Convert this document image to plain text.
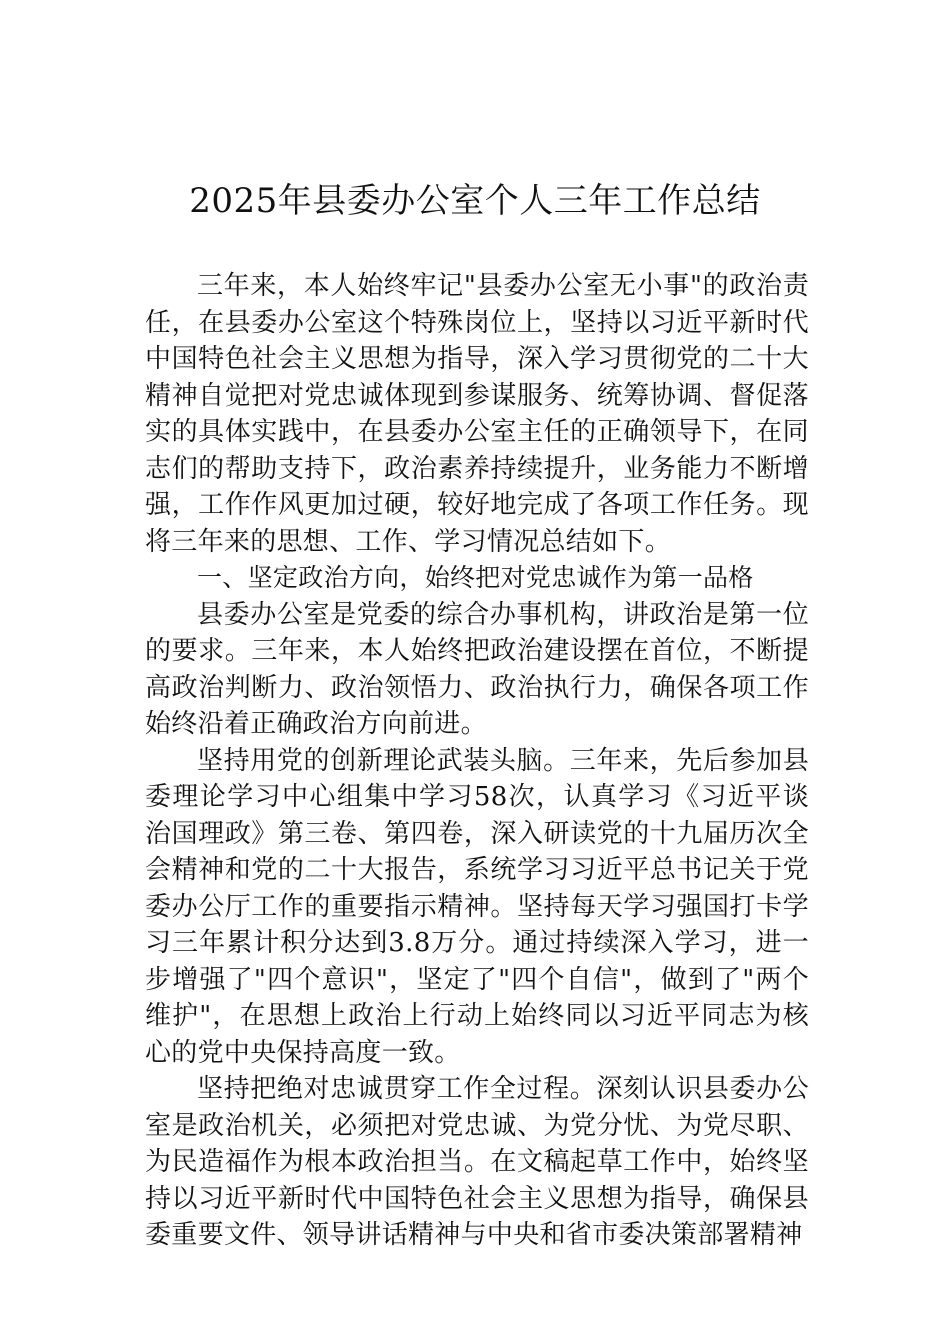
2025年县委办公室个人三年工作总结

三年来，本人始终牢记"县委办公室无小事"的政治责任，在县委办公室这个特殊岗位上，坚持以习近平新时代中国特色社会主义思想为指导，深入学习贯彻党的二十大精神自觉把对党忠诚体现到参谋服务、统筹协调、督促落实的具体实践中，在县委办公室主任的正确领导下，在同志们的帮助支持下，政治素养持续提升，业务能力不断增强，工作作风更加过硬，较好地完成了各项工作任务。现将三年来的思想、工作、学习情况总结如下。

一、坚定政治方向，始终把对党忠诚作为第一品格

县委办公室是党委的综合办事机构，讲政治是第一位的要求。三年来，本人始终把政治建设摆在首位，不断提高政治判断力、政治领悟力、政治执行力，确保各项工作始终沿着正确政治方向前进。

坚持用党的创新理论武装头脑。三年来，先后参加县委理论学习中心组集中学习58次，认真学习《习近平谈治国理政》第三卷、第四卷，深入研读党的十九届历次全会精神和党的二十大报告，系统学习习近平总书记关于党委办公厅工作的重要指示精神。坚持每天学习强国打卡学习三年累计积分达到3.8万分。通过持续深入学习，进一步增强了"四个意识"，坚定了"四个自信"，做到了"两个维护"，在思想上政治上行动上始终同以习近平同志为核心的党中央保持高度一致。

坚持把绝对忠诚贯穿工作全过程。深刻认识县委办公室是政治机关，必须把对党忠诚、为党分忧、为党尽职、为民造福作为根本政治担当。在文稿起草工作中，始终坚持以习近平新时代中国特色社会主义思想为指导，确保县委重要文件、领导讲话精神与中央和省市委决策部署精神
